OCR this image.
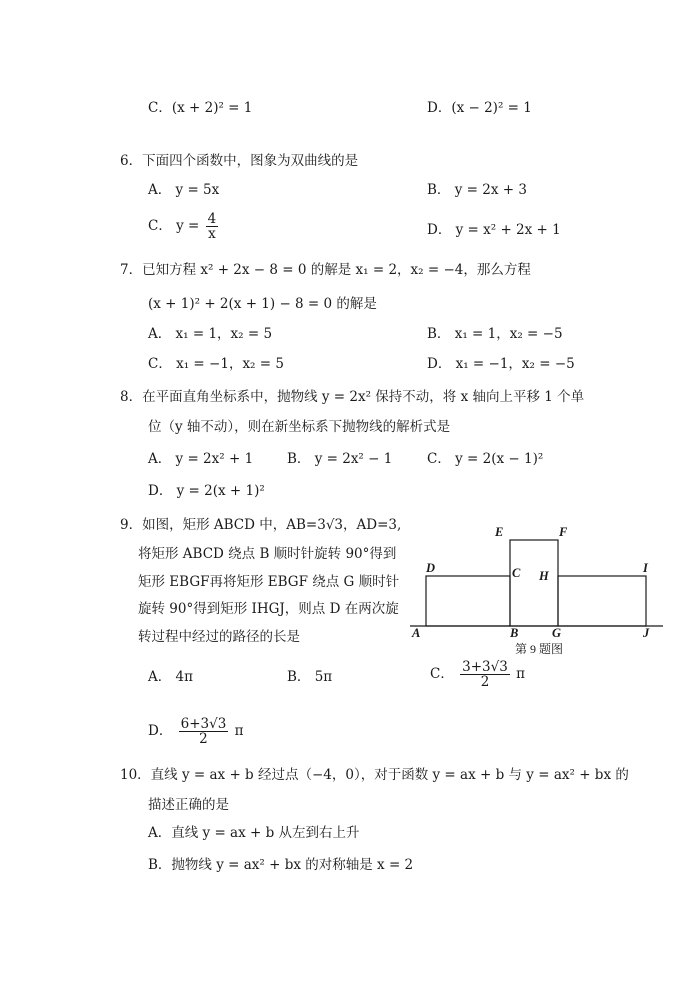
C．(x + 2)² = 1	D．(x − 2)² = 1
6．下面四个函数中，图象为双曲线的是
A． y = 5x	B． y = 2x + 3
C． $y = \frac{4}{x}$	D． y = x² + 2x + 1
7．已知方程 x² + 2x − 8 = 0 的解是 x₁ = 2，x₂ = −4，那么方程
(x + 1)² + 2(x + 1) − 8 = 0 的解是
A． x₁ = 1，x₂ = 5	B． x₁ = 1，x₂ = −5
C． x₁ = −1，x₂ = 5	D． x₁ = −1，x₂ = −5
8．在平面直角坐标系中，抛物线 y = 2x² 保持不动，将 x 轴向上平移 1 个单
位（y 轴不动），则在新坐标系下抛物线的解析式是
A． y = 2x² + 1	B． y = 2x² − 1	C． y = 2(x − 1)²
D． y = 2(x + 1)²
9．如图，矩形 ABCD 中，AB=3√3，AD=3,
将矩形 ABCD 绕点 B 顺时针旋转 90°得到
矩形 EBGF再将矩形 EBGF 绕点 G 顺时针
旋转 90°得到矩形 IHGJ，则点 D 在两次旋
转过程中经过的路径的长是
E	F
D	C H
I
A	B	G	J
第 9 题图
A． 4π	B． 5π	C． $\frac{3+3√3}{2}$ π
D． $\frac{6+3√3}{2}$ π
10．直线 y = ax + b 经过点（−4，0），对于函数 y = ax + b 与 y = ax² + bx 的
描述正确的是
A．直线 y = ax + b 从左到右上升
B．抛物线 y = ax² + bx 的对称轴是 x = 2
